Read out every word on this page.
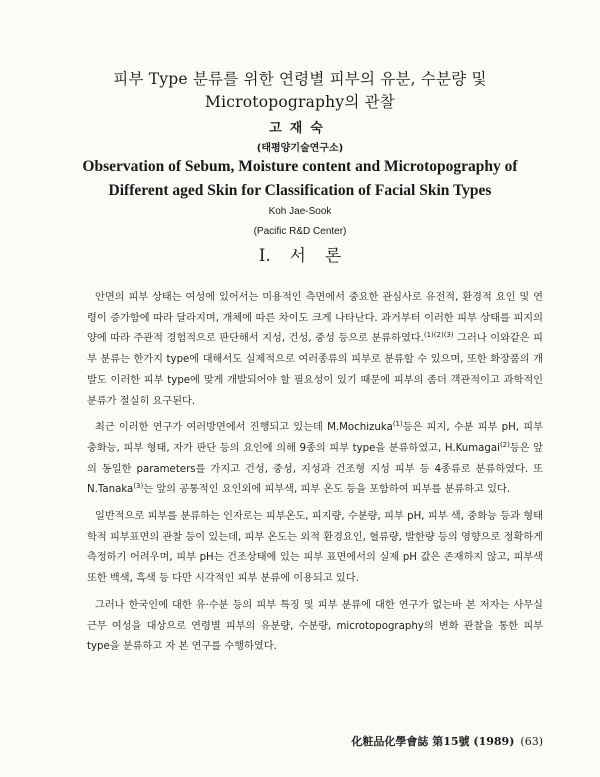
피부 Type 분류를 위한 연령별 피부의 유분, 수분량 및
Microtopography의 관찰
고재숙
(태평양기술연구소)
Observation of Sebum, Moisture content and Microtopography of
Different aged Skin for Classification of Facial Skin Types
Koh Jae-Sook
(Pacific R&D Center)
I. 서 론

안면의 피부 상태는 여성에 있어서는 미용적인 측면에서 중요한 관심사로 유전적, 환경적 요인 및 연령이 증가함에 따라 달라지며, 개체에 따른 차이도 크게 나타난다. 과거부터 이러한 피부 상태를 피지의 양에 따라 주관적 경험적으로 판단해서 지성, 건성, 중성 등으로 분류하였다.$^{(1)(2)(3)}$ 그러나 이와같은 피부 분류는 한가지 type에 대해서도 실제적으로 여러종류의 피부로 분류할 수 있으며, 또한 화장품의 개발도 이러한 피부 type에 맞게 개발되어야 할 필요성이 있기 때문에 피부의 좀더 객관적이고 과학적인 분류가 절실히 요구된다.

최근 이러한 연구가 여러방면에서 진행되고 있는데 M.Mochizuka$^{(1)}$등은 피지, 수분 피부 pH, 피부 충화능, 피부 형태, 자가 판단 등의 요인에 의해 9종의 피부 type을 분류하였고, H.Kumagai$^{(2)}$등은 앞의 동일한 parameters를 가지고 건성, 중성, 지성과 건조형 지성 피부 등 4종류로 분류하였다. 또 N.Tanaka$^{(3)}$는 앞의 공통적인 요인외에 피부색, 피부 온도 등을 포함하여 피부를 분류하고 있다.

일반적으로 피부를 분류하는 인자로는 피부온도, 피지량, 수분량, 피부 pH, 피부 색, 중화능 등과 형태학적 피부표면의 관찰 등이 있는데, 피부 온도는 외적 환경요인, 혈류량, 발한량 등의 영향으로 정확하게 측정하기 어려우며, 피부 pH는 건조상태에 있는 피부 표면에서의 실제 pH 값은 존재하지 않고, 피부색 또한 백색, 흑색 등 다만 시각적인 피부 분류에 이용되고 있다.

그러나 한국인에 대한 유·수분 등의 피부 특징 및 피부 분류에 대한 연구가 없는바 본 저자는 사무실 근무 여성을 대상으로 연령별 피부의 유분량, 수분량, microtopography의 변화 관찰을 통한 피부 type을 분류하고 자 본 연구를 수행하였다.

化粧品化學會誌 第15號 (1989) (63)
